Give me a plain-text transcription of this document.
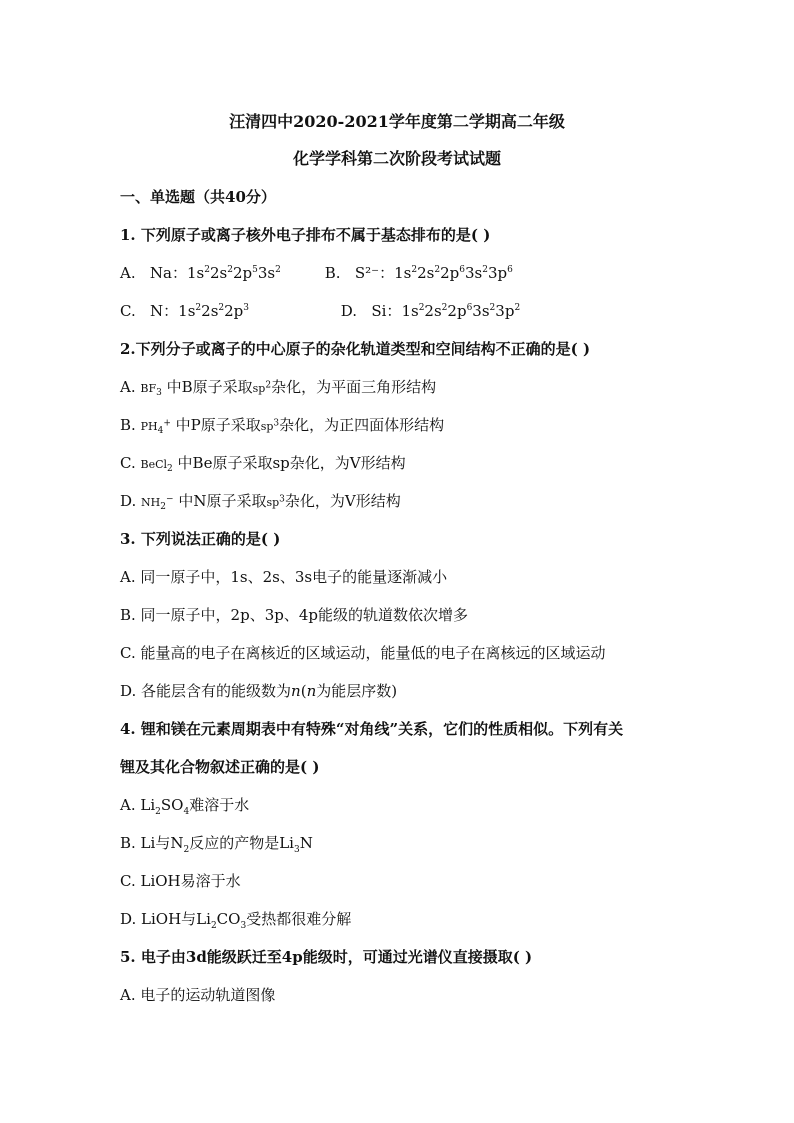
汪清四中2020-2021学年度第二学期高二年级
化学学科第二次阶段考试试题
一、单选题（共40分）
1. 下列原子或离子核外电子排布不属于基态排布的是( )
A. Na：$1s^22s^22p^53s^2$	B. S²⁻：$1s^22s^22p^63s^23p^6$
C. N：$1s^22s^22p^3$	D. Si：$1s^22s^22p^63s^23p^2$
2.下列分子或离子的中心原子的杂化轨道类型和空间结构不正确的是( )
A. $BF_3$ 中B原子采取$sp^2$杂化，为平面三角形结构
B. $PH_4^+$ 中P原子采取$sp^3$杂化，为正四面体形结构
C. BeCl$_2$ 中Be原子采取sp杂化，为V形结构
D. $NH_2^-$ 中N原子采取$sp^3$杂化，为V形结构
3. 下列说法正确的是( )
A. 同一原子中，1s、2s、3s电子的能量逐渐减小
B. 同一原子中，2p、3p、4p能级的轨道数依次增多
C. 能量高的电子在离核近的区域运动，能量低的电子在离核远的区域运动
D. 各能层含有的能级数为n(n为能层序数)
4. 锂和镁在元素周期表中有特殊“对角线”关系，它们的性质相似。下列有关
锂及其化合物叙述正确的是( )
A. $Li_2SO_4$难溶于水
B. Li与$N_2$反应的产物是$Li_3N$
C. LiOH易溶于水
D. LiOH与$Li_2CO_3$受热都很难分解
5. 电子由3d能级跃迁至4p能级时，可通过光谱仪直接摄取( )
A. 电子的运动轨道图像
